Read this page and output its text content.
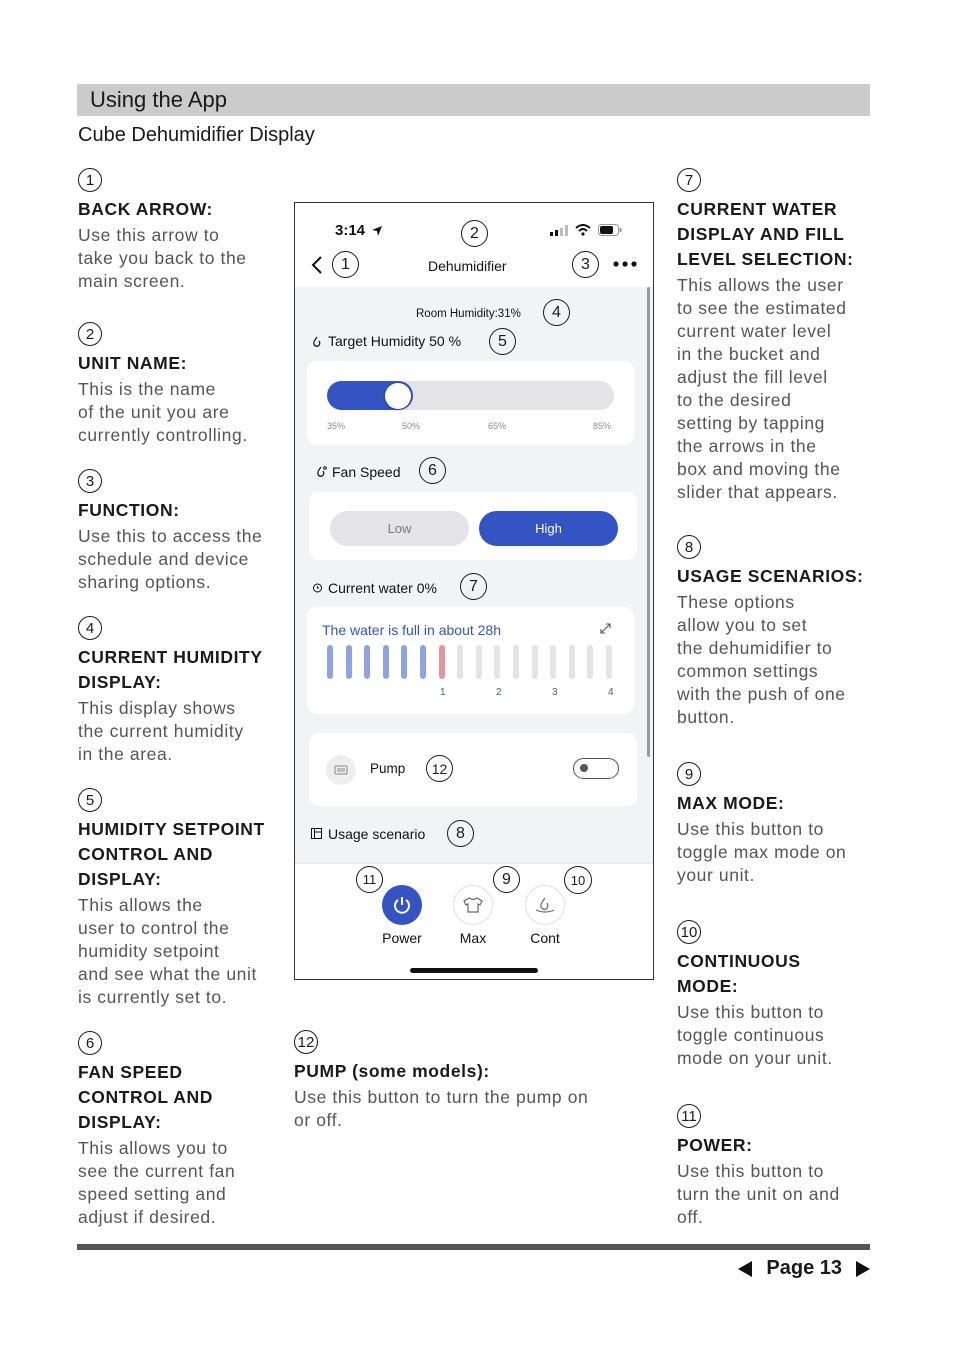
Using the App
Cube Dehumidifier Display
1
BACK ARROW:
Use this arrow to
take you back to the
main screen.
2
UNIT NAME:
This is the name
of the unit you are
currently controlling.
3
FUNCTION:
Use this to access the
schedule and device
sharing options.
4
CURRENT HUMIDITY
DISPLAY:
This display shows
the current humidity
in the area.
5
HUMIDITY SETPOINT
CONTROL AND
DISPLAY:
This allows the
user to control the
humidity setpoint
and see what the unit
is currently set to.
6
FAN SPEED
CONTROL AND
DISPLAY:
This allows you to
see the current fan
speed setting and
adjust if desired.
7
CURRENT WATER
DISPLAY AND FILL
LEVEL SELECTION:
This allows the user
to see the estimated
current water level
in the bucket and
adjust the fill level
to the desired
setting by tapping
the arrows in the
box and moving the
slider that appears.
8
USAGE SCENARIOS:
These options
allow you to set
the dehumidifier to
common settings
with the push of one
button.
9
MAX MODE:
Use this button to
toggle max mode on
your unit.
10
CONTINUOUS
MODE:
Use this button to
toggle continuous
mode on your unit.
11
POWER:
Use this button to
turn the unit on and
off.
12
PUMP (some models):
Use this button to turn the pump on
or off.
3:14	2
1	Dehumidifier	3
Room Humidity:31%	4
Target Humidity 50 %	5
35%	50%	65%	85%
Fan Speed	6
Low	High
Current water 0%	7
The water is full in about 28h
1	2	3	4
Pump	12
Usage scenario	8
11	9	10
Power	Max	Cont
Page 13
